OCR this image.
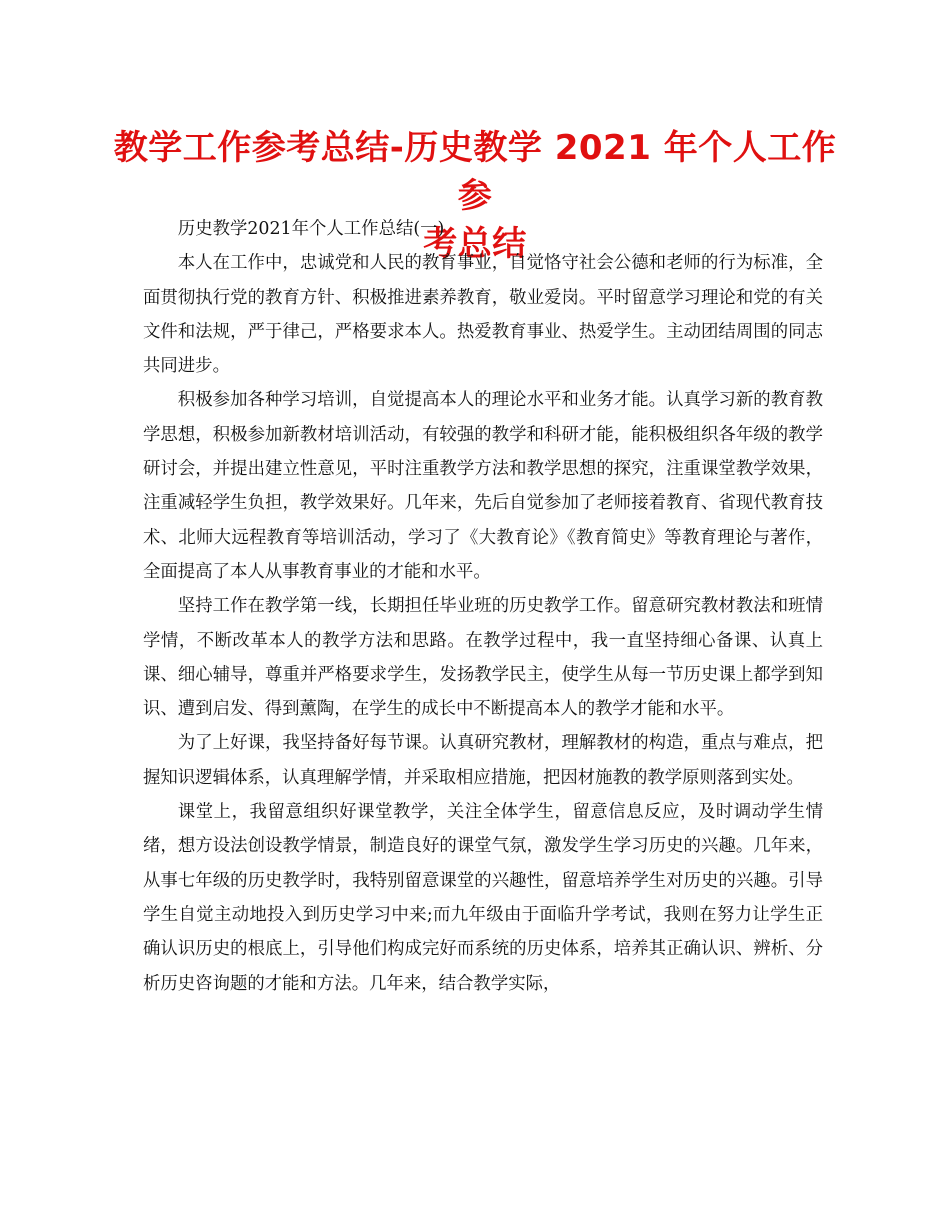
教学工作参考总结-历史教学 2021 年个人工作参
考总结

历史教学2021年个人工作总结(一)

本人在工作中，忠诚党和人民的教育事业，自觉恪守社会公德和老师的行为标准，全面贯彻执行党的教育方针、积极推进素养教育，敬业爱岗。平时留意学习理论和党的有关文件和法规，严于律己，严格要求本人。热爱教育事业、热爱学生。主动团结周围的同志共同进步。

积极参加各种学习培训，自觉提高本人的理论水平和业务才能。认真学习新的教育教学思想，积极参加新教材培训活动，有较强的教学和科研才能，能积极组织各年级的教学研讨会，并提出建立性意见，平时注重教学方法和教学思想的探究，注重课堂教学效果，注重减轻学生负担，教学效果好。几年来，先后自觉参加了老师接着教育、省现代教育技术、北师大远程教育等培训活动，学习了《大教育论》《教育简史》等教育理论与著作，全面提高了本人从事教育事业的才能和水平。

坚持工作在教学第一线，长期担任毕业班的历史教学工作。留意研究教材教法和班情学情，不断改革本人的教学方法和思路。在教学过程中，我一直坚持细心备课、认真上课、细心辅导，尊重并严格要求学生，发扬教学民主，使学生从每一节历史课上都学到知识、遭到启发、得到薰陶，在学生的成长中不断提高本人的教学才能和水平。

为了上好课，我坚持备好每节课。认真研究教材，理解教材的构造，重点与难点，把握知识逻辑体系，认真理解学情，并采取相应措施，把因材施教的教学原则落到实处。

课堂上，我留意组织好课堂教学，关注全体学生，留意信息反应，及时调动学生情绪，想方设法创设教学情景，制造良好的课堂气氛，激发学生学习历史的兴趣。几年来，从事七年级的历史教学时，我特别留意课堂的兴趣性，留意培养学生对历史的兴趣。引导学生自觉主动地投入到历史学习中来;而九年级由于面临升学考试，我则在努力让学生正确认识历史的根底上，引导他们构成完好而系统的历史体系，培养其正确认识、辨析、分析历史咨询题的才能和方法。几年来，结合教学实际，
